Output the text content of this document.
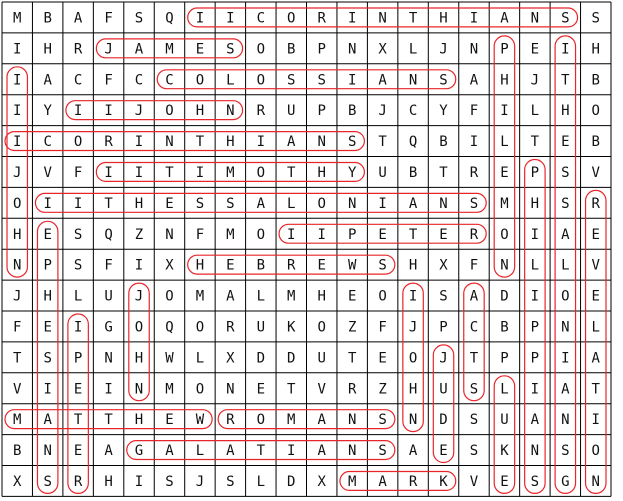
M B A F S Q I I C O R I N T H I A N S S
I H R J A M E S O B P N X L J N P E I H
I A C F C C O L O S S I A N S A H J T B
I Y I I J O H N R U P B J C Y F I L H O
I C O R I N T H I A N S T Q B I L T E B
J V F I I T I M O T H Y U B T R E P S V
O I I T H E S S A L O N I A N S M H S R
H E S Q Z N F M O I I P E T E R O I A E
N P S F I X H E B R E W S H X F N L L V
J H L U J O M A L M H E O I S A D I O E
F E I G O Q O R U K O Z F J P C B P N L
T S P N H W L X D D U T E O J T P P I A
V I E I N M O N E T V R Z H U S L I A T
M A T T H E W R O M A N S N D S U A N I
B N E A G A L A T I A N S A E S K N S O
X S R H I S J S L D X M A R K V E S G N
